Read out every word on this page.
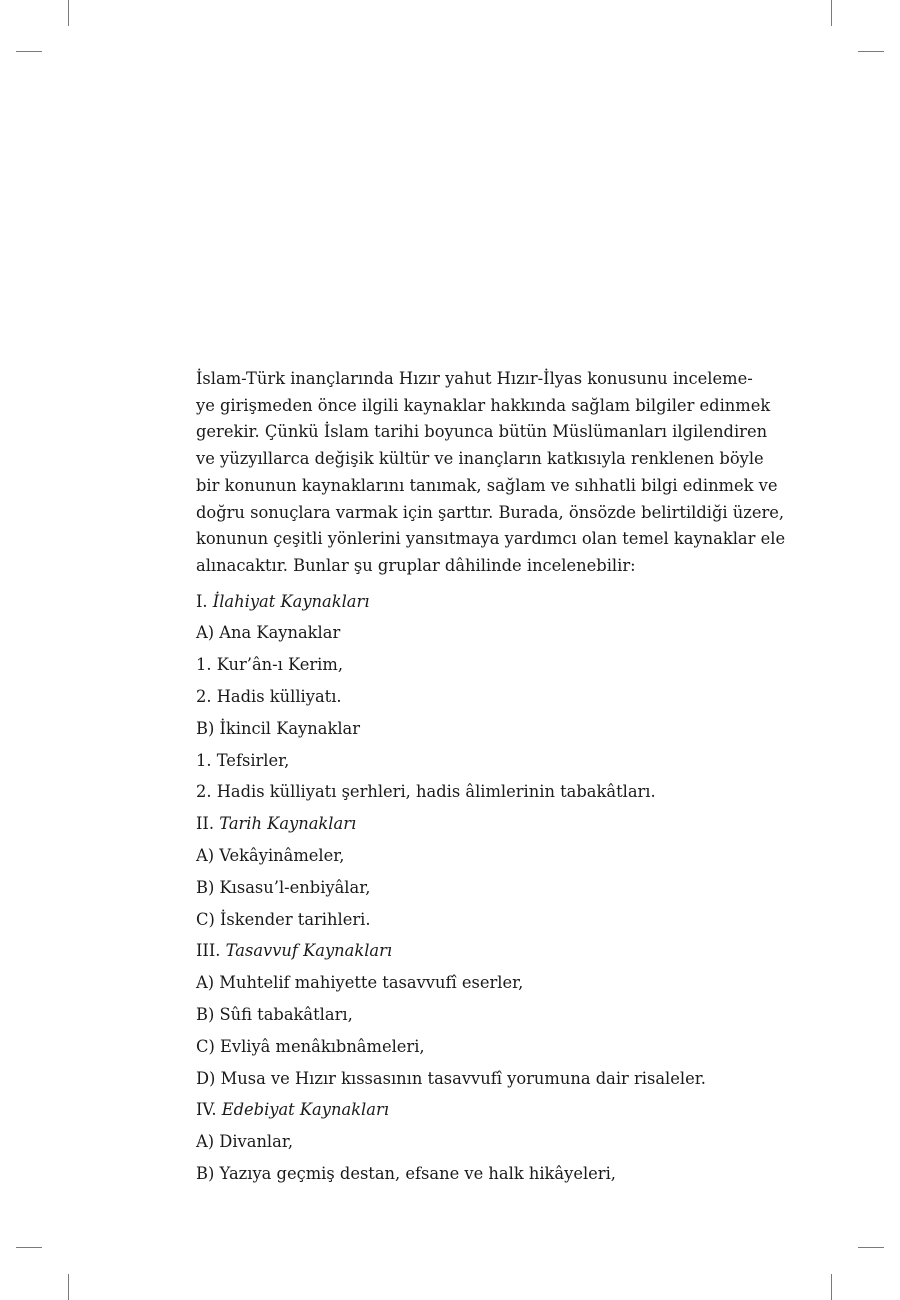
İslam-Türk inançlarında Hızır yahut Hızır-İlyas konusunu inceleme-
ye girişmeden önce ilgili kaynaklar hakkında sağlam bilgiler edinmek
gerekir. Çünkü İslam tarihi boyunca bütün Müslümanları ilgilendiren
ve yüzyıllarca değişik kültür ve inançların katkısıyla renklenen böyle
bir konunun kaynaklarını tanımak, sağlam ve sıhhatli bilgi edinmek ve
doğru sonuçlara varmak için şarttır. Burada, önsözde belirtildiği üzere,
konunun çeşitli yönlerini yansıtmaya yardımcı olan temel kaynaklar ele
alınacaktır. Bunlar şu gruplar dâhilinde incelenebilir:

I. İlahiyat Kaynakları
A) Ana Kaynaklar
1. Kur’ân-ı Kerim,
2. Hadis külliyatı.
B) İkincil Kaynaklar
1. Tefsirler,
2. Hadis külliyatı şerhleri, hadis âlimlerinin tabakâtları.
II. Tarih Kaynakları
A) Vekâyinâmeler,
B) Kısasu’l-enbiyâlar,
C) İskender tarihleri.
III. Tasavvuf Kaynakları
A) Muhtelif mahiyette tasavvufî eserler,
B) Sûfi tabakâtları,
C) Evliyâ menâkıbnâmeleri,
D) Musa ve Hızır kıssasının tasavvufî yorumuna dair risaleler.
IV. Edebiyat Kaynakları
A) Divanlar,
B) Yazıya geçmiş destan, efsane ve halk hikâyeleri,
